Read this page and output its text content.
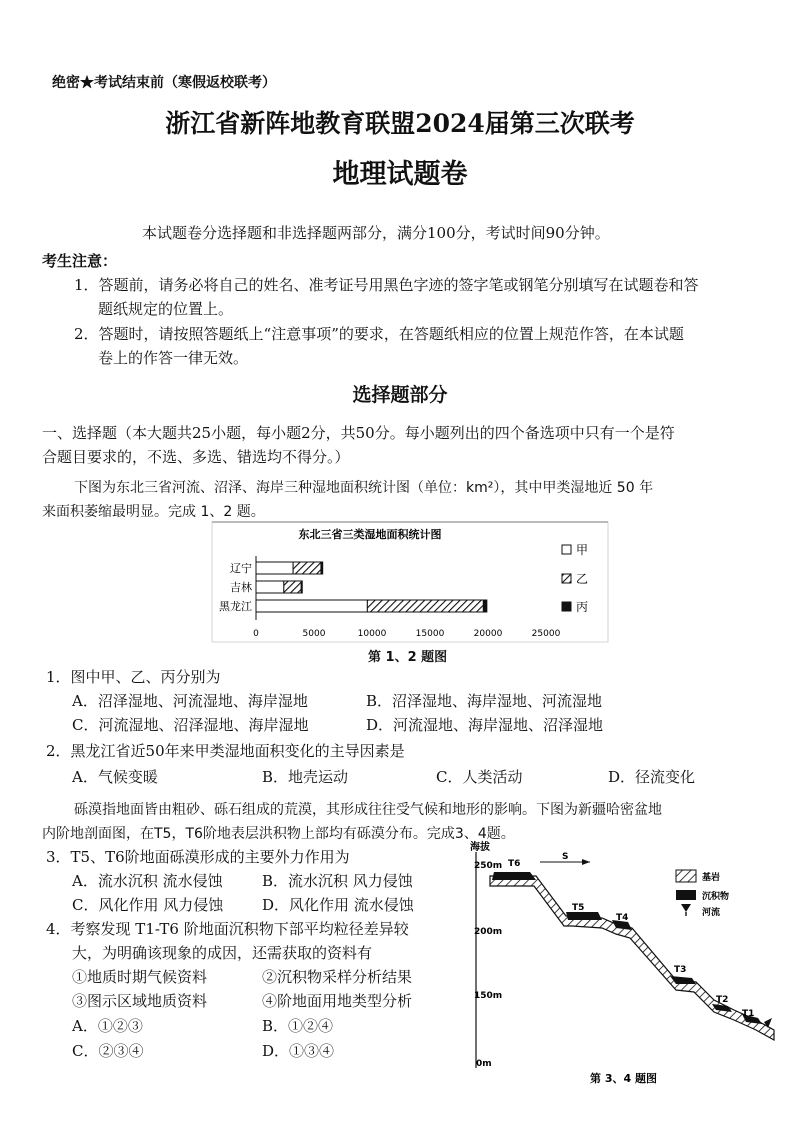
绝密★考试结束前（寒假返校联考）
浙江省新阵地教育联盟2024届第三次联考
地理试题卷
本试题卷分选择题和非选择题两部分，满分100分，考试时间90分钟。
考生注意：
1．答题前，请务必将自己的姓名、准考证号用黑色字迹的签字笔或钢笔分别填写在试题卷和答
题纸规定的位置上。
2．答题时，请按照答题纸上“注意事项”的要求，在答题纸相应的位置上规范作答，在本试题
卷上的作答一律无效。
选择题部分
一、选择题（本大题共25小题，每小题2分，共50分。每小题列出的四个备选项中只有一个是符
合题目要求的，不选、多选、错选均不得分。）
下图为东北三省河流、沼泽、海岸三种湿地面积统计图（单位：km²），其中甲类湿地近 50 年
来面积萎缩最明显。完成 1、2 题。
东北三省三类湿地面积统计图
辽宁
吉林
黑龙江
0	5000	10000	15000	20000	25000
甲
乙
丙
第 1、2 题图
1．图中甲、乙、丙分别为
A．沼泽湿地、河流湿地、海岸湿地	B．沼泽湿地、海岸湿地、河流湿地
C．河流湿地、沼泽湿地、海岸湿地	D．河流湿地、海岸湿地、沼泽湿地
2．黑龙江省近50年来甲类湿地面积变化的主导因素是
A．气候变暖	B．地壳运动	C．人类活动	D．径流变化
砾漠指地面皆由粗砂、砾石组成的荒漠，其形成往往受气候和地形的影响。下图为新疆哈密盆地
内阶地剖面图，在T5，T6阶地表层洪积物上部均有砾漠分布。完成3、4题。
3．T5、T6阶地面砾漠形成的主要外力作用为
A．流水沉积 流水侵蚀	B．流水沉积 风力侵蚀
C．风化作用 风力侵蚀	D．风化作用 流水侵蚀
4．考察发现 T1-T6 阶地面沉积物下部平均粒径差异较
大，为明确该现象的成因，还需获取的资料有
①地质时期气候资料	②沉积物采样分析结果
③图示区域地质资料	④阶地面用地类型分析
A．①②③	B．①②④
C．②③④	D．①③④
海拔
250m
200m
150m
0m
T6
T5
T4
T3
T2
T1
S
基岩
沉积物
河流
第 3、4 题图
